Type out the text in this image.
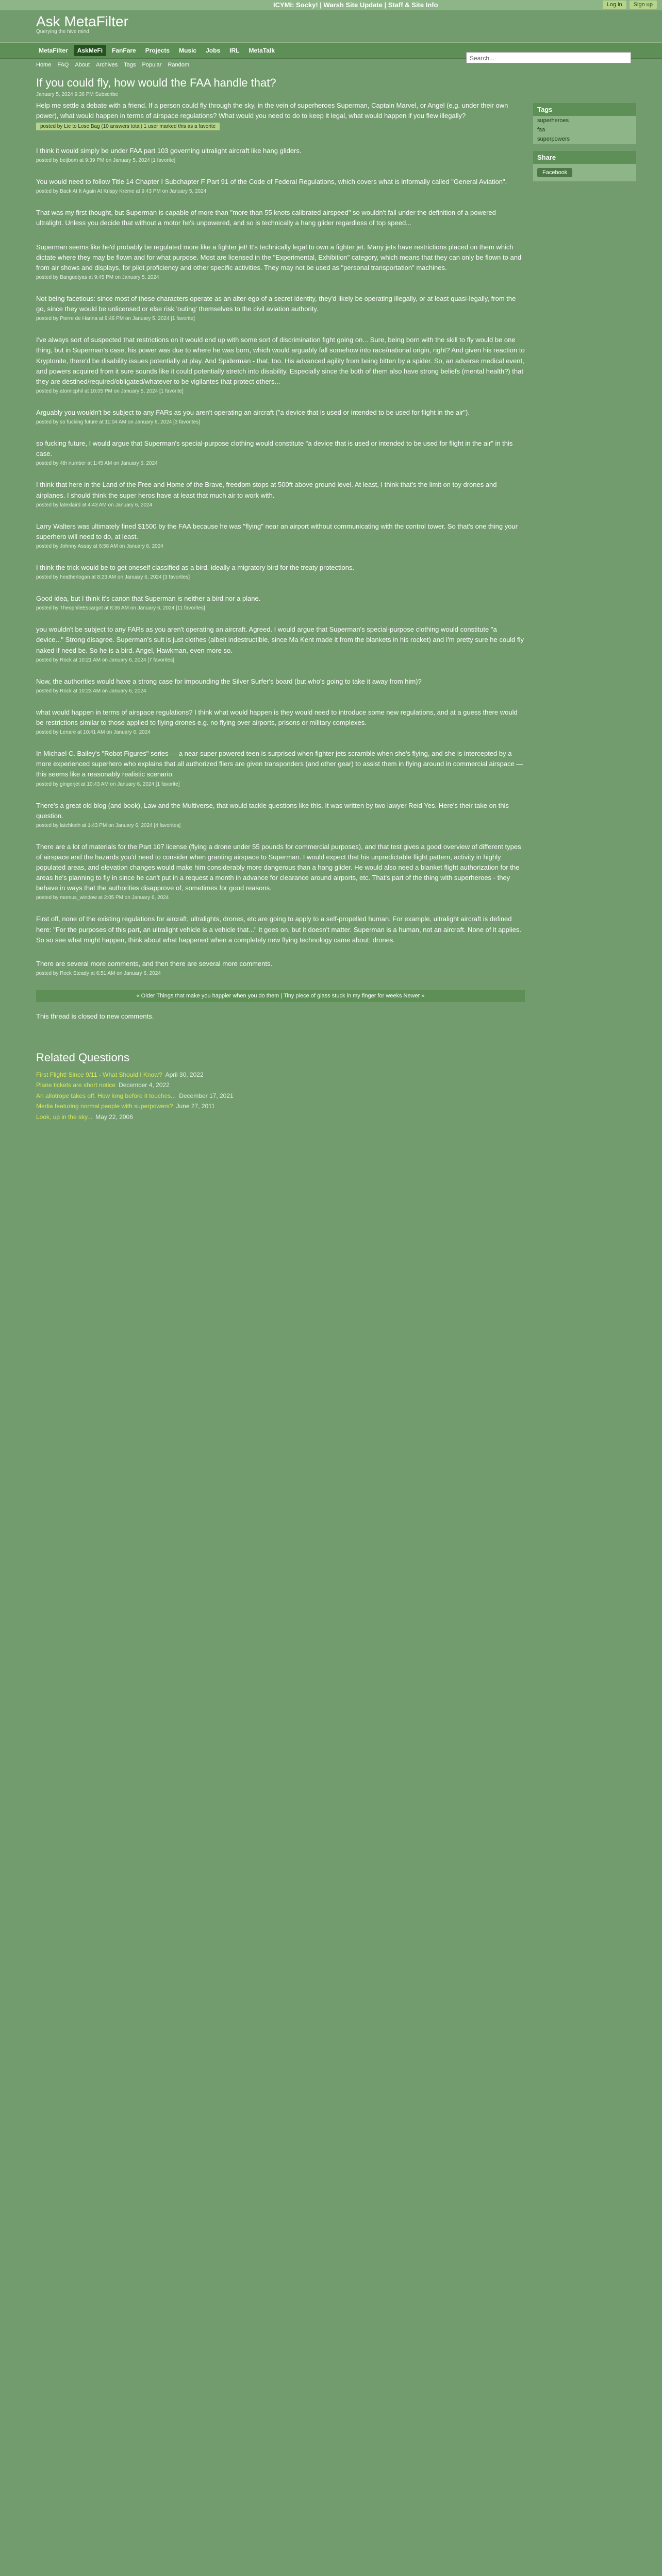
ICYMI: Socky! | Warsh Site Update | Staff & Site Info	Log in	Sign up
Ask MetaFilter
Querying the hive mind
MetaFilter	AskMeFi	FanFare	Projects	Music	Jobs	IRL	MetaTalk
Search...
Home FAQ About Archives Tags Popular Random
If you could fly, how would the FAA handle that?
January 5, 2024 9:36 PM Subscribe
Help me settle a debate with a friend. If a person could fly through the sky, in the vein of superheroes Superman, Captain Marvel, or Angel (e.g. under their own power), what would happen in terms of airspace regulations? What would you need to do to keep it legal, what would happen if you flew illegally?
posted by Lie to Lose Bag (10 answers total) 1 user marked this as a favorite
I think it would simply be under FAA part 103 governing ultralight aircraft like hang gliders.
posted by beijbom at 9:39 PM on January 5, 2024 [1 favorite]
You would need to follow Title 14 Chapter I Subchapter F Part 91 of the Code of Federal Regulations, which covers what is informally called "General Aviation".
posted by Back At It Again At Krispy Kreme at 9:43 PM on January 5, 2024
That was my first thought, but Superman is capable of more than "more than 55 knots calibrated airspeed" so wouldn't fall under the definition of a powered ultralight. Unless you decide that without a motor he's unpowered, and so is technically a hang glider regardless of top speed...
Superman seems like he'd probably be regulated more like a fighter jet! It's technically legal to own a fighter jet. Many jets have restrictions placed on them which dictate where they may be flown and for what purpose. Most are licensed in the "Experimental, Exhibition" category, which means that they can only be flown to and from air shows and displays, for pilot proficiency and other specific activities. They may not be used as "personal transportation" machines.
posted by Banguetyas at 9:45 PM on January 5, 2024
Not being facetious: since most of these characters operate as an alter-ego of a secret identity, they'd likely be operating illegally, or at least quasi-legally, from the go, since they would be unlicensed or else risk 'outing' themselves to the civil aviation authority.
posted by Pierre de Hanna at 9:46 PM on January 5, 2024 [1 favorite]
I've always sort of suspected that restrictions on it would end up with some sort of discrimination fight going on... Sure, being born with the skill to fly would be one thing, but in Superman's case, his power was due to where he was born, which would arguably fall somehow into race/national origin, right? And given his reaction to Kryptonite, there'd be disability issues potentially at play. And Spiderman - that, too. His advanced agility from being bitten by a spider. So, an adverse medical event, and powers acquired from it sure sounds like it could potentially stretch into disability. Especially since the both of them also have strong beliefs (mental health?) that they are destined/required/obligated/whatever to be vigilantes that protect others...
posted by atomicphil at 10:05 PM on January 5, 2024 [1 favorite]
Arguably you wouldn't be subject to any FARs as you aren't operating an aircraft ("a device that is used or intended to be used for flight in the air").
posted by so fucking future at 11:04 AM on January 6, 2024 [3 favorites]
so fucking future, I would argue that Superman's special-purpose clothing would constitute "a device that is used or intended to be used for flight in the air" in this case.
posted by 4th number at 1:45 AM on January 6, 2024
I think that here in the Land of the Free and Home of the Brave, freedom stops at 500ft above ground level. At least, I think that's the limit on toy drones and airplanes. I should think the super heros have at least that much air to work with.
posted by latexlaird at 4:43 AM on January 6, 2024
Larry Walters was ultimately fined $1500 by the FAA because he was "flying" near an airport without communicating with the control tower. So that's one thing your superhero will need to do, at least.
posted by Johnny Assay at 6:58 AM on January 6, 2024
I think the trick would be to get oneself classified as a bird, ideally a migratory bird for the treaty protections.
posted by heatherlogan at 8:23 AM on January 6, 2024 [3 favorites]
Good idea, but I think it's canon that Superman is neither a bird nor a plane.
posted by TheophileEscargot at 8:36 AM on January 6, 2024 [11 favorites]
you wouldn't be subject to any FARs as you aren't operating an aircraft. Agreed. I would argue that Superman's special-purpose clothing would constitute "a device..." Strong disagree. Superman's suit is just clothes (albeit indestructible, since Ma Kent made it from the blankets in his rocket) and I'm pretty sure he could fly naked if need be. So he is a bird. Angel, Hawkman, even more so.
posted by Rock at 10:21 AM on January 6, 2024 [7 favorites]
Now, the authorities would have a strong case for impounding the Silver Surfer's board (but who's going to take it away from him)?
posted by Rock at 10:23 AM on January 6, 2024
what would happen in terms of airspace regulations? I think what would happen is they would need to introduce some new regulations, and at a guess there would be restrictions similar to those applied to flying drones e.g. no flying over airports, prisons or military complexes.
posted by Lenare at 10:41 AM on January 6, 2024
In Michael C. Bailey's "Robot Figures" series — a near-super powered teen is surprised when fighter jets scramble when she's flying, and she is intercepted by a more experienced superhero who explains that all authorized fliers are given transponders (and other gear) to assist them in flying around in commercial airspace — this seems like a reasonably realistic scenario.
posted by gingerjet at 10:43 AM on January 6, 2024 [1 favorite]
There's a great old blog (and book), Law and the Multiverse, that would tackle questions like this. It was written by two lawyer Reid Yes. Here's their take on this question.
posted by latchketh at 1:43 PM on January 6, 2024 [4 favorites]
There are a lot of materials for the Part 107 license (flying a drone under 55 pounds for commercial purposes), and that test gives a good overview of different types of airspace and the hazards you'd need to consider when granting airspace to Superman. I would expect that his unpredictable flight pattern, activity in highly populated areas, and elevation changes would make him considerably more dangerous than a hang glider. He would also need a blanket flight authorization for the areas he's planning to fly in since he can't put in a request a month in advance for clearance around airports, etc. That's part of the thing with superheroes - they behave in ways that the authorities disapprove of, sometimes for good reasons.
posted by momus_window at 2:05 PM on January 6, 2024
First off, none of the existing regulations for aircraft, ultralights, drones, etc are going to apply to a self-propelled human. For example, ultralight aircraft is defined here: "For the purposes of this part, an ultralight vehicle is a vehicle that..." It goes on, but it doesn't matter. Superman is a human, not an aircraft. None of it applies. So so see what might happen, think about what happened when a completely new flying technology came about: drones.
There are several more comments, and then there are several more comments.
posted by Rock Steady at 6:51 AM on January 6, 2024
« Older Things that make you happier when you do them | Tiny piece of glass stuck in my finger for weeks Newer »
This thread is closed to new comments.
Related Questions
First Flight! Since 9/11 - What Should I Know? April 30, 2022
Plane tickets are short notice December 4, 2022
An allotrope takes off. How long before it touches... December 17, 2021
Media featuring normal people with superpowers? June 27, 2011
Look, up in the sky... May 22, 2006
Tags
superheroes
faa
superpowers
Share
Facebook
